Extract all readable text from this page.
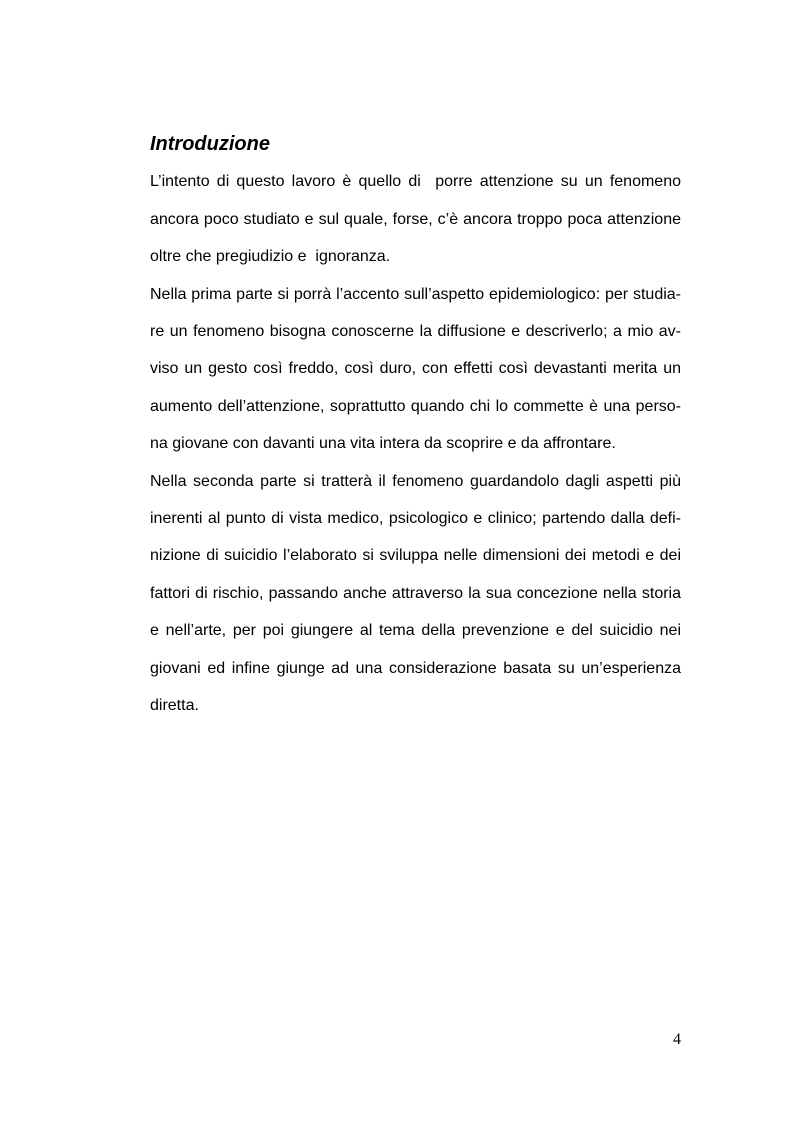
Introduzione
L’intento di questo lavoro è quello di  porre attenzione su un fenomeno
ancora poco studiato e sul quale, forse, c’è ancora troppo poca attenzione
oltre che pregiudizio e  ignoranza.
Nella prima parte si porrà l’accento sull’aspetto epidemiologico: per studia-
re un fenomeno bisogna conoscerne la diffusione e descriverlo; a mio av-
viso un gesto così freddo, così duro, con effetti così devastanti merita un
aumento dell’attenzione, soprattutto quando chi lo commette è una perso-
na giovane con davanti una vita intera da scoprire e da affrontare.
Nella seconda parte si tratterà il fenomeno guardandolo dagli aspetti più
inerenti al punto di vista medico, psicologico e clinico; partendo dalla defi-
nizione di suicidio l’elaborato si sviluppa nelle dimensioni dei metodi e dei
fattori di rischio, passando anche attraverso la sua concezione nella storia
e nell’arte, per poi giungere al tema della prevenzione e del suicidio nei
giovani ed infine giunge ad una considerazione basata su un’esperienza
diretta.
4
